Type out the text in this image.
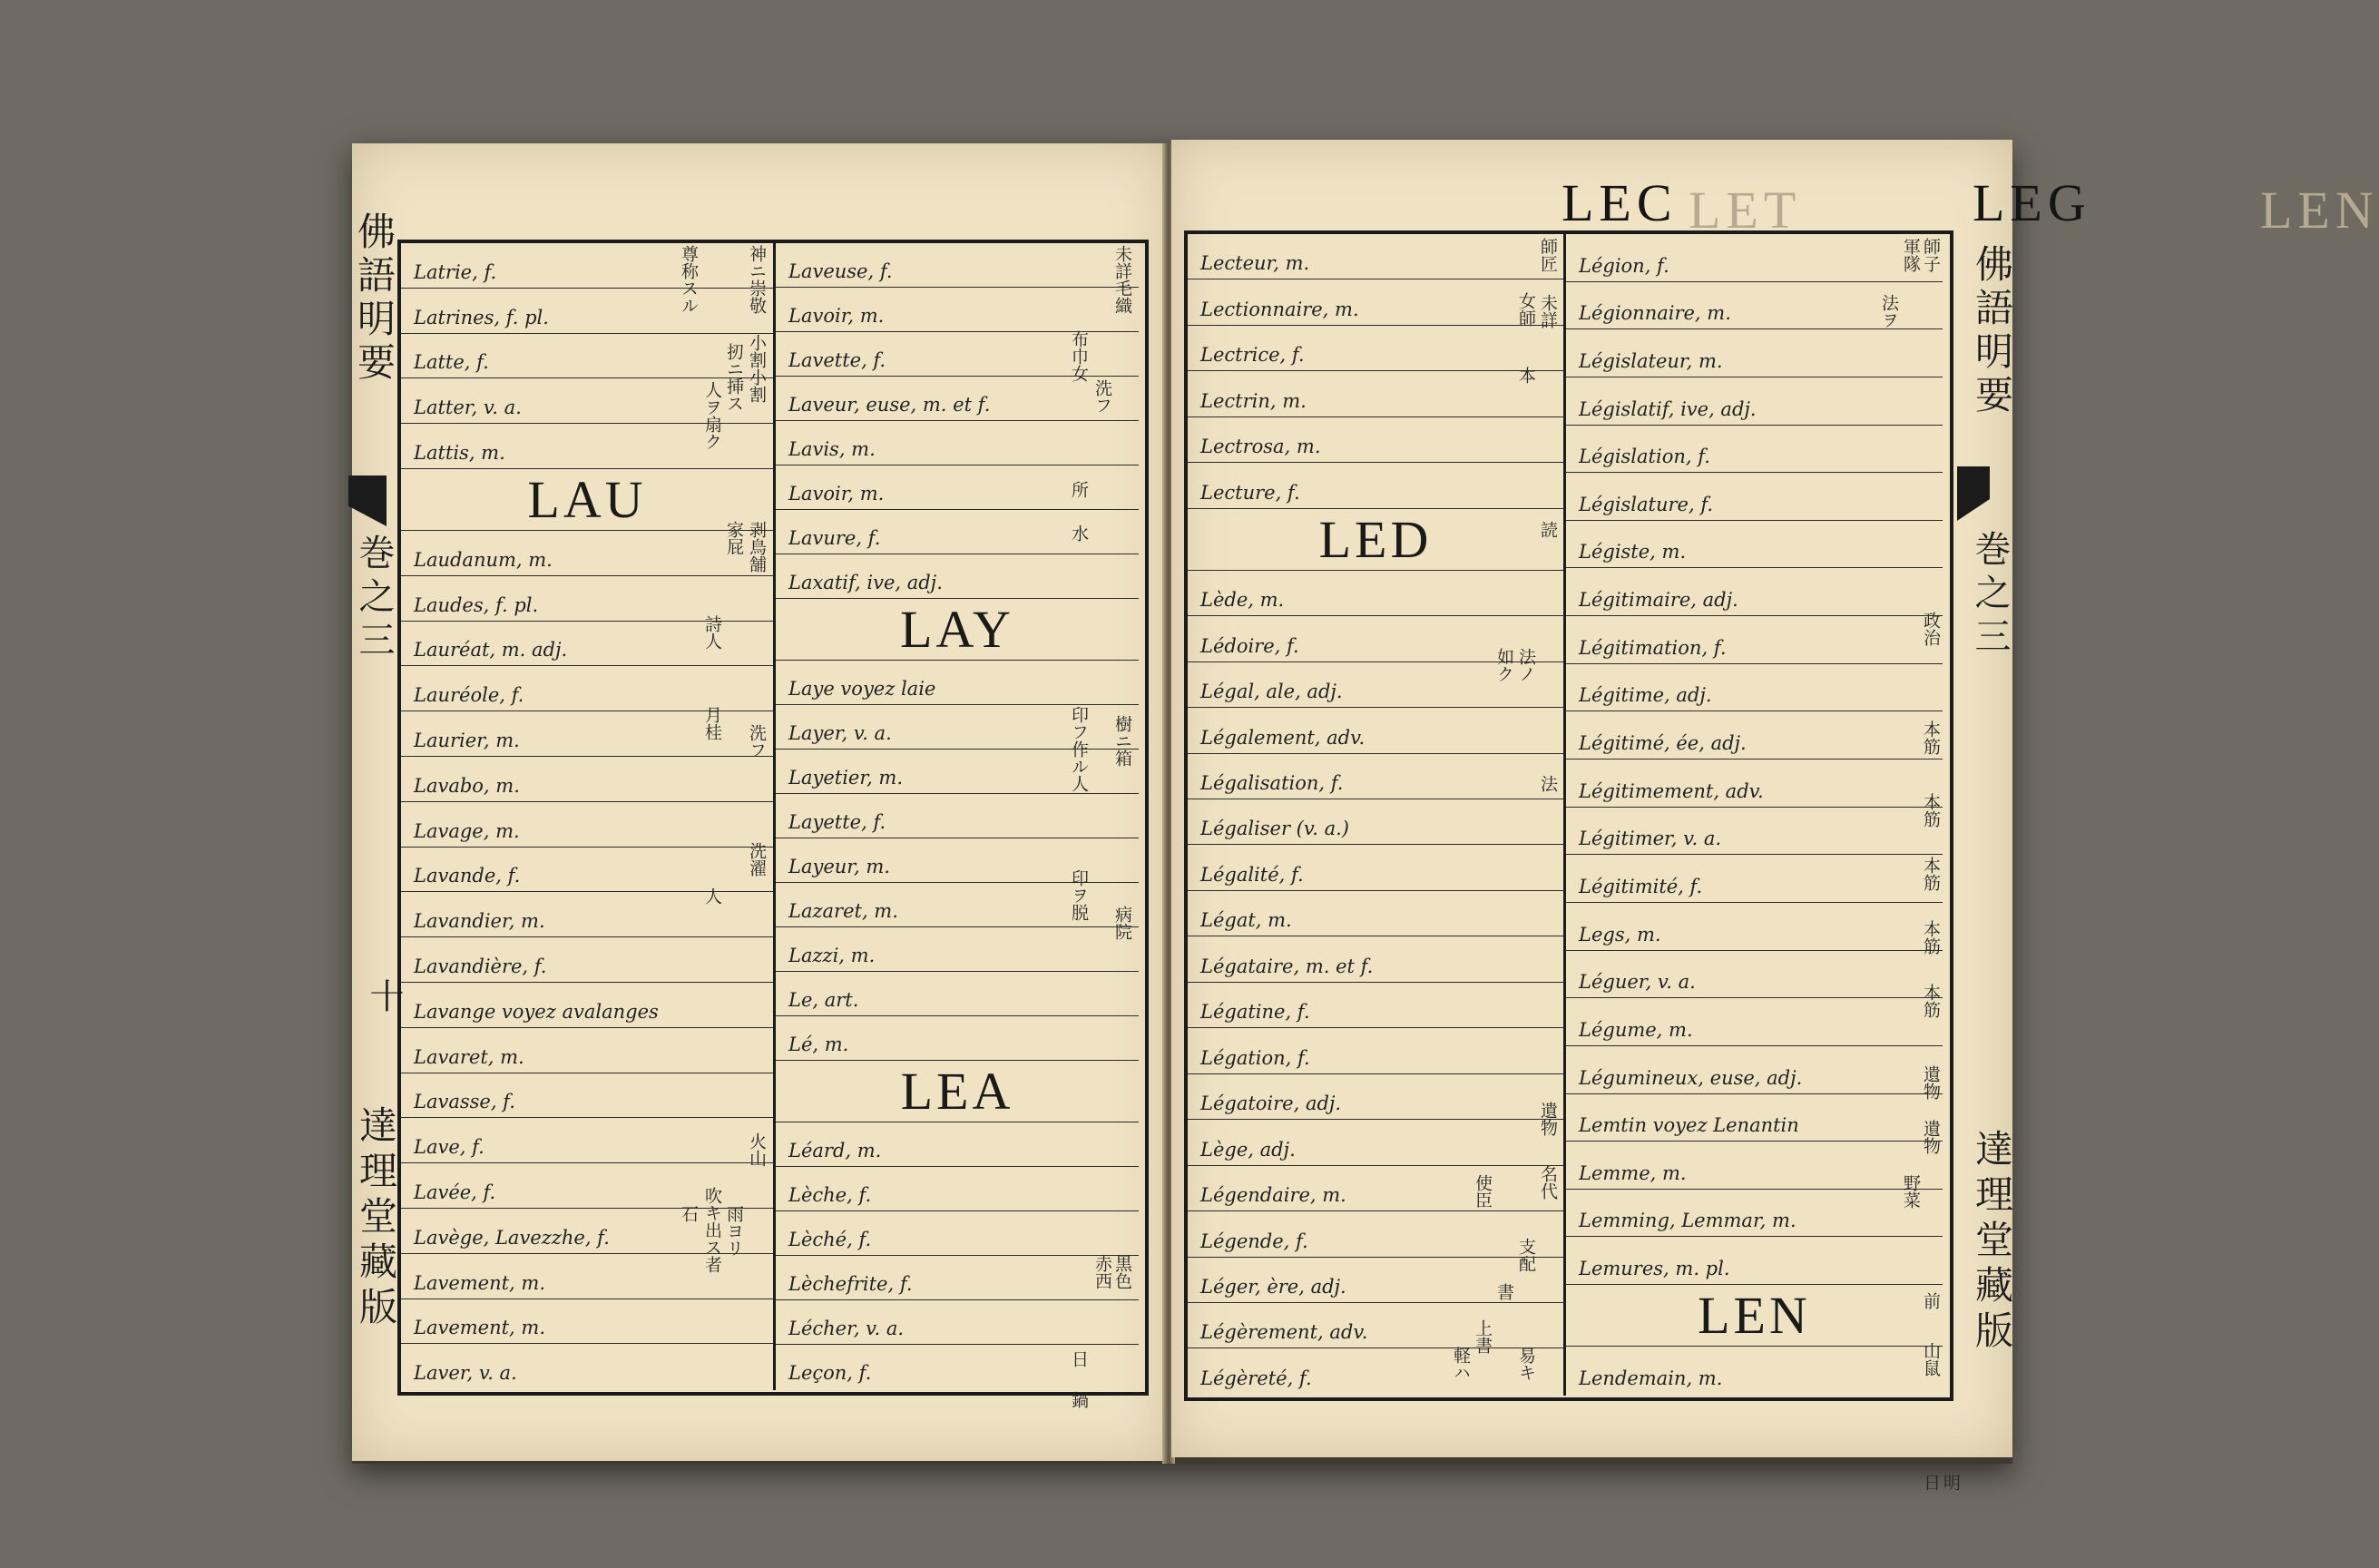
佛語明要
巻之三
十
達理堂藏版
Latrie, f.
Latrines, f. pl.
Latte, f.
Latter, v. a.
Lattis, m.
LAU
Laudanum, m.
Laudes, f. pl.
Lauréat, m. adj.
Lauréole, f.
Laurier, m.
Lavabo, m.
Lavage, m.
Lavande, f.
Lavandier, m.
Lavandière, f.
Lavange voyez avalanges
Lavaret, m.
Lavasse, f.
Lave, f.
Lavée, f.
Lavège, Lavezzhe, f.
Lavement, m.
Lavement, m.
Laver, v. a.
神ニ崇敬
小割小割
扨ニ挿ス
人ヲ扇ク
尊称スル
剥鳥舗
家屁
詩人
月桂
洗フ
洗濯
人
火山
雨ヨリ
吹キ出ス者
石
Laveuse, f.
Lavoir, m.
Lavette, f.
Laveur, euse, m. et f.
Lavis, m.
Lavoir, m.
Lavure, f.
Laxatif, ive, adj.
LAY
Laye voyez laie
Layer, v. a.
Layetier, m.
Layette, f.
Layeur, m.
Lazaret, m.
Lazzi, m.
Le, art.
Lé, m.
LEA
Léard, m.
Lèche, f.
Lèché, f.
Lèchefrite, f.
Lécher, v. a.
Leçon, f.
未詳毛織
布巾女
洗フ
所
水
印フ作ル人
印ヲ脱
樹ニ箱
病院
黒色
赤西
鍋
日
LEC LET	LEG	LEN
佛語明要
巻之三
達理堂藏版
Lecteur, m.
Lectionnaire, m.
Lectrice, f.
Lectrin, m.
Lectrosa, m.
Lecture, f.
LED
Lède, m.
Lédoire, f.
Légal, ale, adj.
Légalement, adv.
Légalisation, f.
Légaliser (v. a.)
Légalité, f.
Légat, m.
Légataire, m. et f.
Légatine, f.
Légation, f.
Légatoire, adj.
Lège, adj.
Légendaire, m.
Légende, f.
Léger, ère, adj.
Légèrement, adv.
Légèreté, f.
師匠
未詳
女師
本
読
法ノ
如ク
法
遺物
名代
使臣
支配
書
上書
易キ
軽ハ
Légion, f.
Légionnaire, m.
Législateur, m.
Législatif, ive, adj.
Législation, f.
Législature, f.
Légiste, m.
Légitimaire, adj.
Légitimation, f.
Légitime, adj.
Légitimé, ée, adj.
Légitimement, adv.
Légitimer, v. a.
Légitimité, f.
Legs, m.
Léguer, v. a.
Légume, m.
Légumineux, euse, adj.
Lemtin voyez Lenantin
Lemme, m.
Lemming, Lemmar, m.
Lemures, m. pl.
LEN
Lendemain, m.
師子
軍隊
法ヲ
政治
本筋
本筋
本筋
本筋
本筋
遺物
遺物
野菜
前
山鼠
明日
